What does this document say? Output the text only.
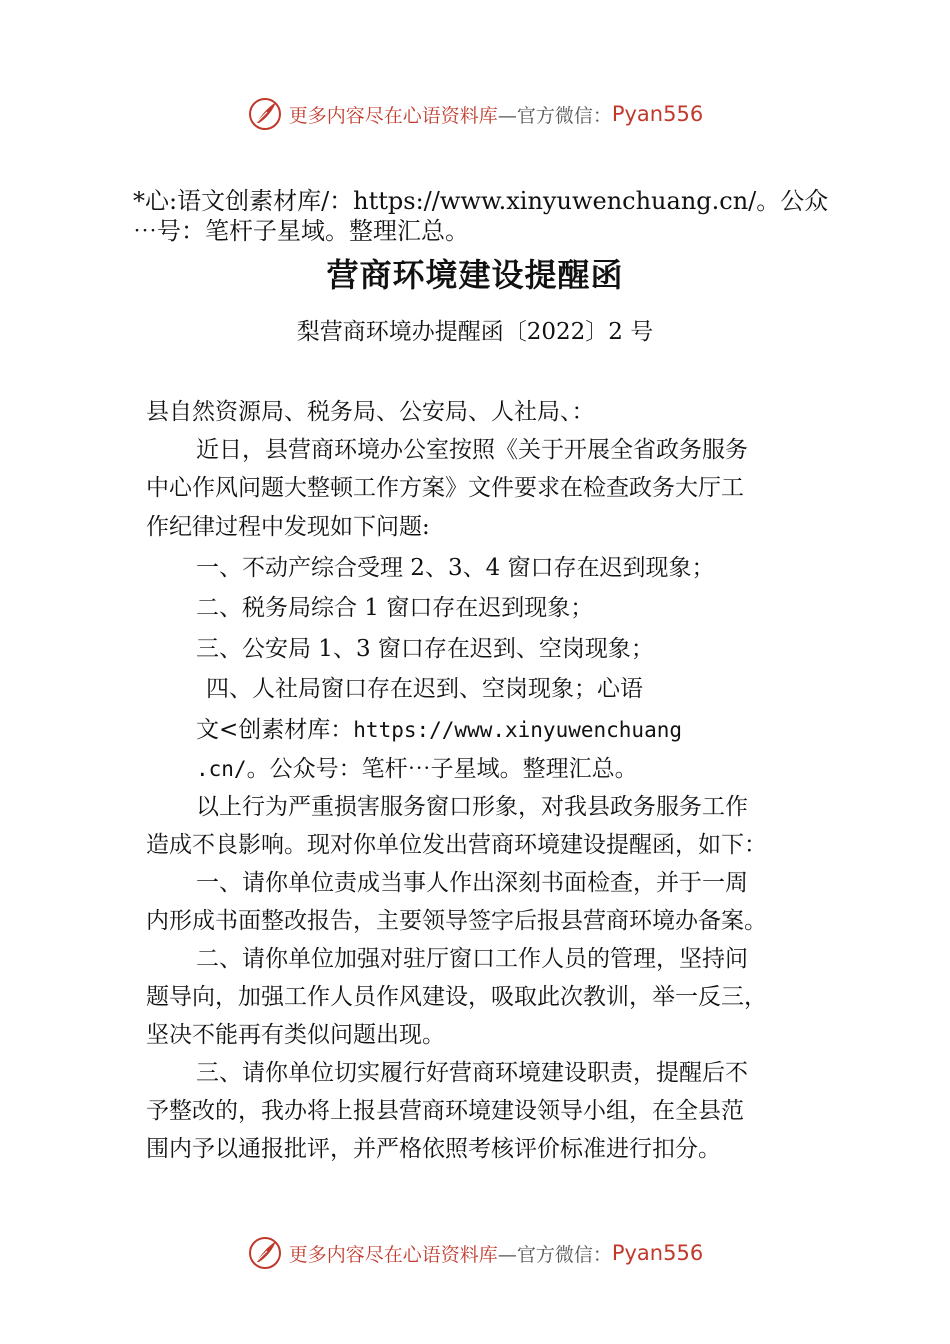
更多内容尽在心语资料库 —官方微信： Pyan556
*心:语文创素材库/：https://www.xinyuwenchuang.cn/。公众
⋯号：笔杆子星域。整理汇总。
营商环境建设提醒函
梨营商环境办提醒函〔2022〕2 号
县自然资源局、税务局、公安局、人社局、：
近日，县营商环境办公室按照《关于开展全省政务服务
中心作风问题大整顿工作方案》文件要求在检查政务大厅工
作纪律过程中发现如下问题:
一、不动产综合受理 2、3、4 窗口存在迟到现象；
二、税务局综合 1 窗口存在迟到现象；
三、公安局 1、3 窗口存在迟到、空岗现象；
四、人社局窗口存在迟到、空岗现象；心语
文<创素材库：https://www.xinyuwenchuang
.cn/。公众号：笔杆⋯子星域。整理汇总。
以上行为严重损害服务窗口形象，对我县政务服务工作
造成不良影响。现对你单位发出营商环境建设提醒函，如下：
一、请你单位责成当事人作出深刻书面检查，并于一周
内形成书面整改报告，主要领导签字后报县营商环境办备案。
二、请你单位加强对驻厅窗口工作人员的管理，坚持问
题导向，加强工作人员作风建设，吸取此次教训，举一反三，
坚决不能再有类似问题出现。
三、请你单位切实履行好营商环境建设职责，提醒后不
予整改的，我办将上报县营商环境建设领导小组，在全县范
围内予以通报批评，并严格依照考核评价标准进行扣分。
更多内容尽在心语资料库 —官方微信： Pyan556
